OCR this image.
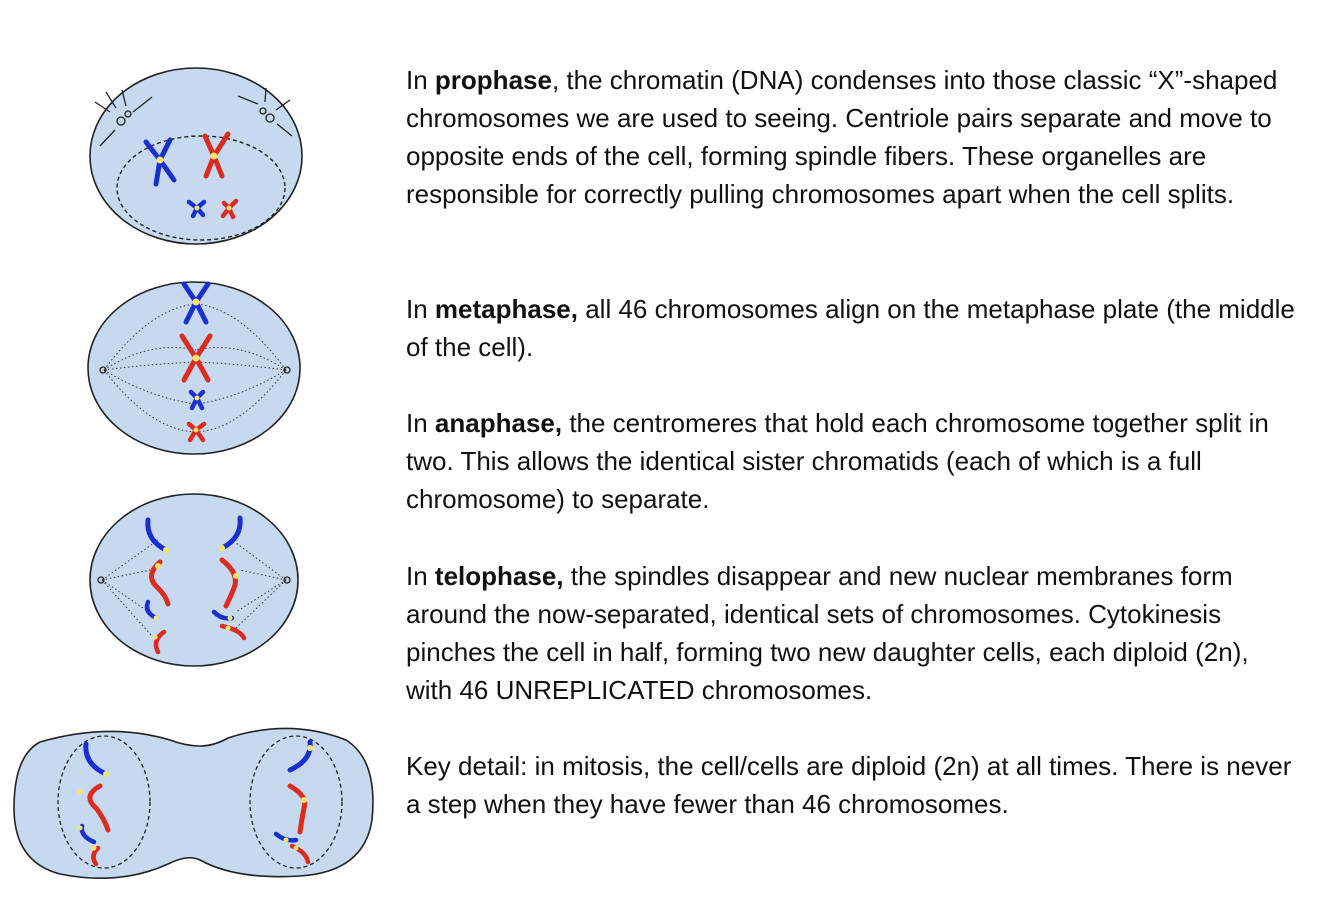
In prophase, the chromatin (DNA) condenses into those classic “X”-shaped chromosomes we are used to seeing. Centriole pairs separate and move to opposite ends of the cell, forming spindle fibers. These organelles are responsible for correctly pulling chromosomes apart when the cell splits.

In metaphase, all 46 chromosomes align on the metaphase plate (the middle of the cell).

In anaphase, the centromeres that hold each chromosome together split in two. This allows the identical sister chromatids (each of which is a full chromosome) to separate.

In telophase, the spindles disappear and new nuclear membranes form around the now-separated, identical sets of chromosomes. Cytokinesis pinches the cell in half, forming two new daughter cells, each diploid (2n), with 46 UNREPLICATED chromosomes.

Key detail: in mitosis, the cell/cells are diploid (2n) at all times. There is never a step when they have fewer than 46 chromosomes.
